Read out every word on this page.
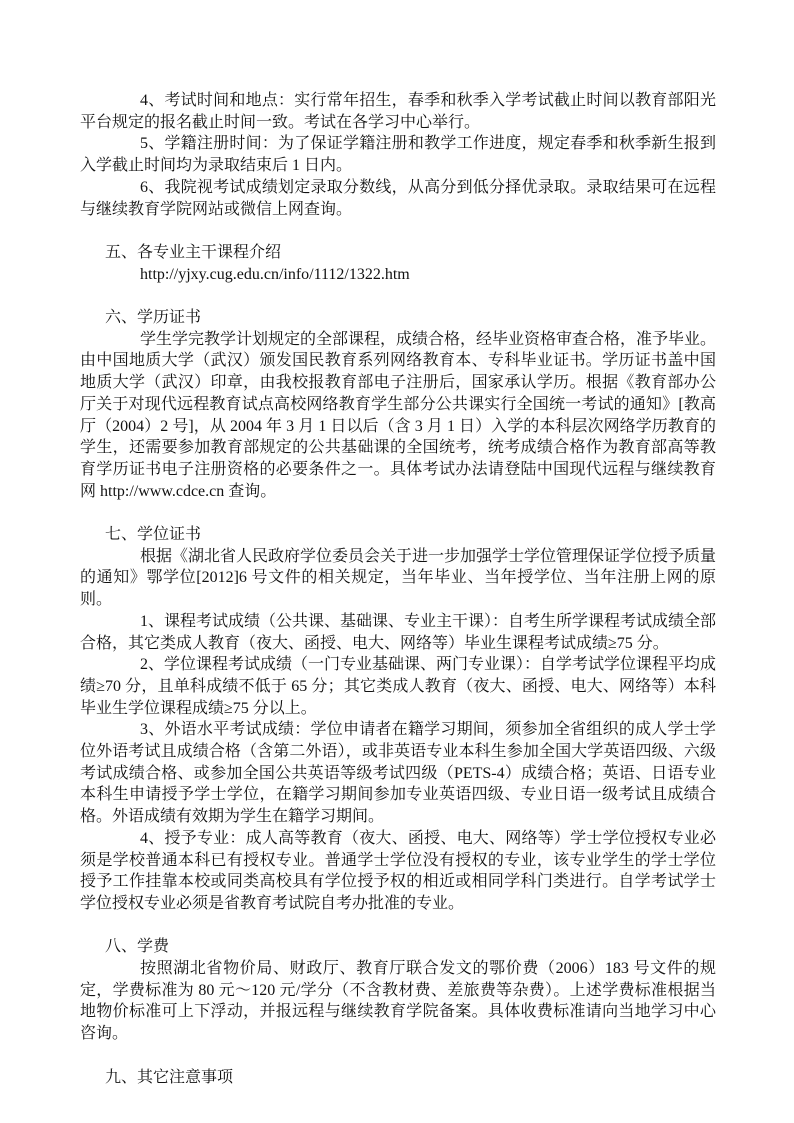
4、考试时间和地点：实行常年招生，春季和秋季入学考试截止时间以教育部阳光平台规定的报名截止时间一致。考试在各学习中心举行。

5、学籍注册时间：为了保证学籍注册和教学工作进度，规定春季和秋季新生报到入学截止时间均为录取结束后 1 日内。

6、我院视考试成绩划定录取分数线，从高分到低分择优录取。录取结果可在远程与继续教育学院网站或微信上网查询。

五、各专业主干课程介绍

http://yjxy.cug.edu.cn/info/1112/1322.htm

六、学历证书

学生学完教学计划规定的全部课程，成绩合格，经毕业资格审查合格，准予毕业。由中国地质大学（武汉）颁发国民教育系列网络教育本、专科毕业证书。学历证书盖中国地质大学（武汉）印章，由我校报教育部电子注册后，国家承认学历。根据《教育部办公厅关于对现代远程教育试点高校网络教育学生部分公共课实行全国统一考试的通知》[教高厅（2004）2 号]，从 2004 年 3 月 1 日以后（含 3 月 1 日）入学的本科层次网络学历教育的学生，还需要参加教育部规定的公共基础课的全国统考，统考成绩合格作为教育部高等教育学历证书电子注册资格的必要条件之一。具体考试办法请登陆中国现代远程与继续教育网 http://www.cdce.cn 查询。

七、学位证书

根据《湖北省人民政府学位委员会关于进一步加强学士学位管理保证学位授予质量的通知》鄂学位[2012]6 号文件的相关规定，当年毕业、当年授学位、当年注册上网的原则。

1、课程考试成绩（公共课、基础课、专业主干课）：自考生所学课程考试成绩全部合格，其它类成人教育（夜大、函授、电大、网络等）毕业生课程考试成绩≥75 分。

2、学位课程考试成绩（一门专业基础课、两门专业课）：自学考试学位课程平均成绩≥70 分，且单科成绩不低于 65 分；其它类成人教育（夜大、函授、电大、网络等）本科毕业生学位课程成绩≥75 分以上。

3、外语水平考试成绩：学位申请者在籍学习期间，须参加全省组织的成人学士学位外语考试且成绩合格（含第二外语），或非英语专业本科生参加全国大学英语四级、六级考试成绩合格、或参加全国公共英语等级考试四级（PETS-4）成绩合格；英语、日语专业本科生申请授予学士学位，在籍学习期间参加专业英语四级、专业日语一级考试且成绩合格。外语成绩有效期为学生在籍学习期间。

4、授予专业：成人高等教育（夜大、函授、电大、网络等）学士学位授权专业必须是学校普通本科已有授权专业。普通学士学位没有授权的专业，该专业学生的学士学位授予工作挂靠本校或同类高校具有学位授予权的相近或相同学科门类进行。自学考试学士学位授权专业必须是省教育考试院自考办批准的专业。

八、学费

按照湖北省物价局、财政厅、教育厅联合发文的鄂价费（2006）183 号文件的规定，学费标准为 80 元～120 元/学分（不含教材费、差旅费等杂费）。上述学费标准根据当地物价标准可上下浮动，并报远程与继续教育学院备案。具体收费标准请向当地学习中心咨询。

九、其它注意事项
